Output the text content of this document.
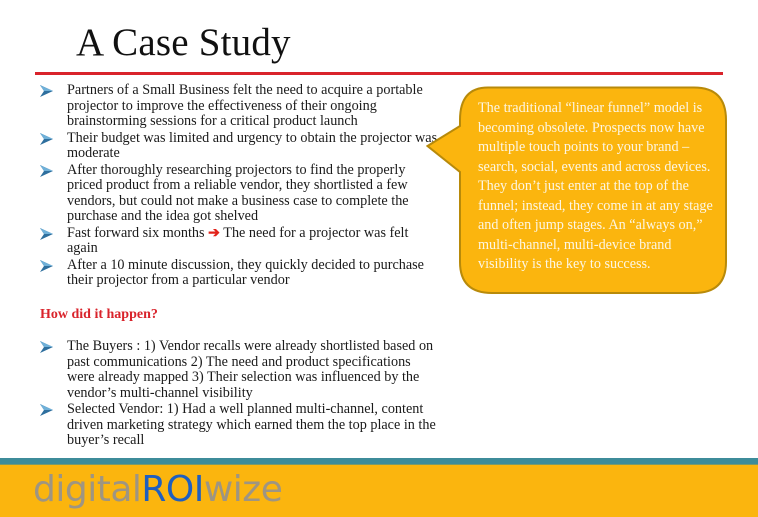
A Case Study
Partners of a Small Business felt the need to acquire a portable projector to improve the effectiveness of their ongoing brainstorming sessions for a critical product launch
Their budget was limited and urgency to obtain the projector was moderate
After thoroughly researching projectors to find the properly priced product from a reliable vendor, they shortlisted a few vendors, but could not make a business case to complete the purchase and the idea got shelved
Fast forward six months ➔ The need for a projector was felt again
After a 10 minute discussion, they quickly decided to purchase their projector from a particular vendor
How did it happen?
The Buyers : 1) Vendor recalls were already shortlisted based on past communications 2) The need and product specifications were already mapped 3) Their selection was influenced by the vendor’s multi-channel visibility
Selected Vendor: 1) Had a well planned multi-channel, content driven marketing strategy which earned them the top place in the buyer’s recall
The traditional “linear funnel” model is becoming obsolete. Prospects now have multiple touch points to your brand – search, social, events and across devices. They don’t just enter at the top of the funnel; instead, they come in at any stage and often jump stages. An “always on,” multi-channel, multi-device brand visibility is the key to success.
digitalROIwize
